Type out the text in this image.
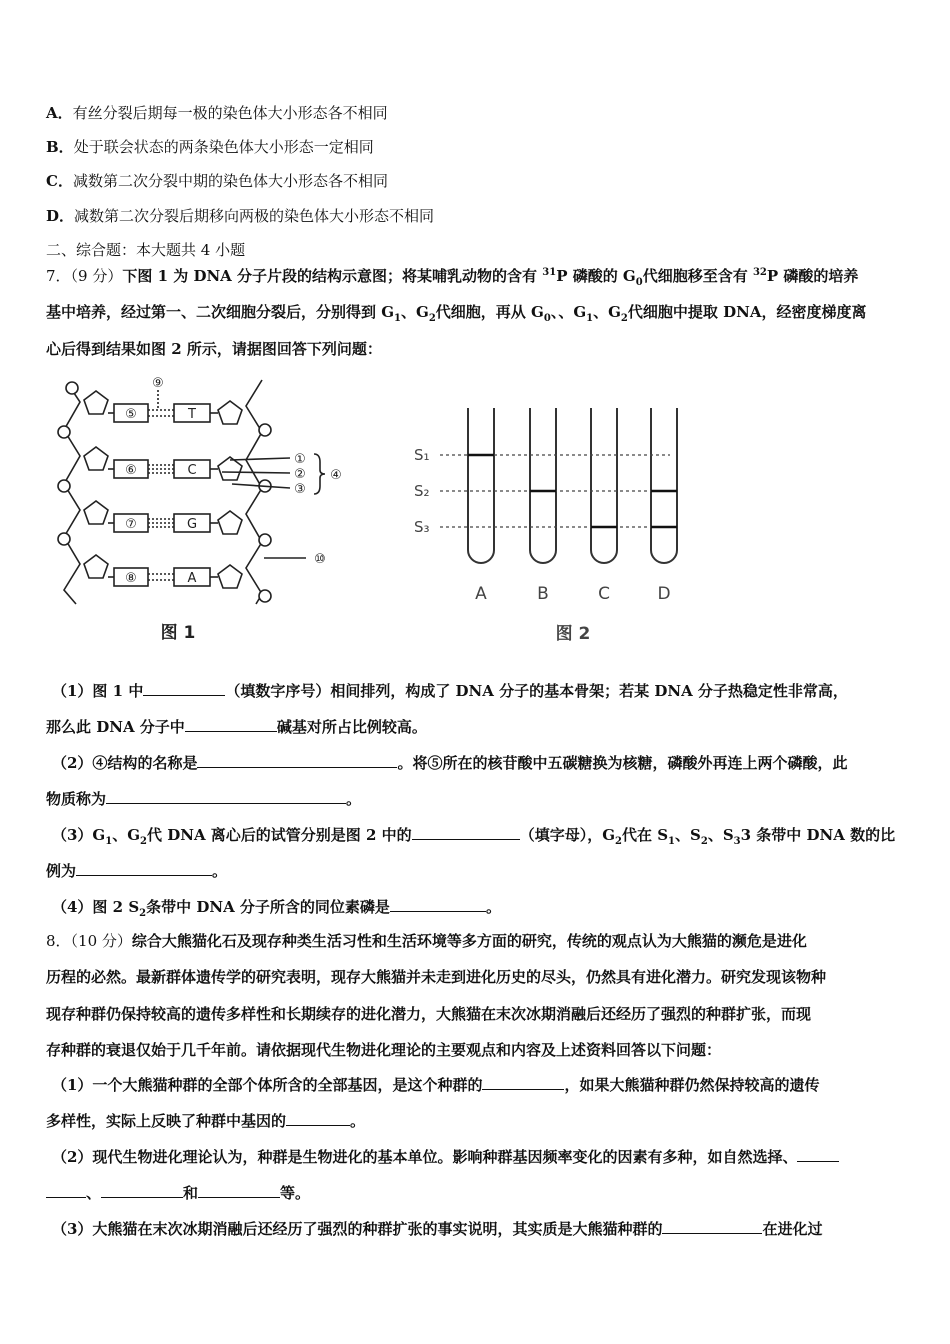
A．有丝分裂后期每一极的染色体大小形态各不相同
B．处于联会状态的两条染色体大小形态一定相同
C．减数第二次分裂中期的染色体大小形态各不相同
D．减数第二次分裂后期移向两极的染色体大小形态不相同
二、综合题：本大题共 4 小题
7．（9 分）下图 1 为 DNA 分子片段的结构示意图；将某哺乳动物的含有 $^{31}$P 磷酸的 $G_0$代细胞移至含有 $^{32}$P 磷酸的培养
基中培养，经过第一、二次细胞分裂后，分别得到 $G_1$、$G_2$代细胞，再从 $G_0$、、$G_1$、$G_2$代细胞中提取 DNA，经密度梯度离
心后得到结果如图 2 所示，请据图回答下列问题：
⑤
⑥
⑦
⑧
T
C
G
A
⑨
①
②
③
④
⑩
图 1
S₁
S₂
S₃
A	B	C	D
图 2
（1）图 1 中	（填数字序号）相间排列，构成了 DNA 分子的基本骨架；若某 DNA 分子热稳定性非常高，
那么此 DNA 分子中	碱基对所占比例较高。
（2）④结构的名称是	。将⑤所在的核苷酸中五碳糖换为核糖，磷酸外再连上两个磷酸，此
物质称为	。
$(3)G_1$、$G_2$代 DNA 离心后的试管分别是图 2 中的	（填字母），$G_2$代在 $S_1$、$S_2$、$S_33$ 条带中 DNA 数的比
例为	。
（4）图 2 $S_2$条带中 DNA 分子所含的同位素磷是	。
8．（10 分）综合大熊猫化石及现存种类生活习性和生活环境等多方面的研究，传统的观点认为大熊猫的濒危是进化
历程的必然。最新群体遗传学的研究表明，现存大熊猫并未走到进化历史的尽头，仍然具有进化潜力。研究发现该物种
现存种群仍保持较高的遗传多样性和长期续存的进化潜力，大熊猫在末次冰期消融后还经历了强烈的种群扩张，而现
存种群的衰退仅始于几千年前。请依据现代生物进化理论的主要观点和内容及上述资料回答以下问题：
（1）一个大熊猫种群的全部个体所含的全部基因，是这个种群的	，如果大熊猫种群仍然保持较高的遗传
多样性，实际上反映了种群中基因的	。
（2）现代生物进化理论认为，种群是生物进化的基本单位。影响种群基因频率变化的因素有多种，如自然选择、
、	和	等。
（3）大熊猫在末次冰期消融后还经历了强烈的种群扩张的事实说明，其实质是大熊猫种群的	在进化过
